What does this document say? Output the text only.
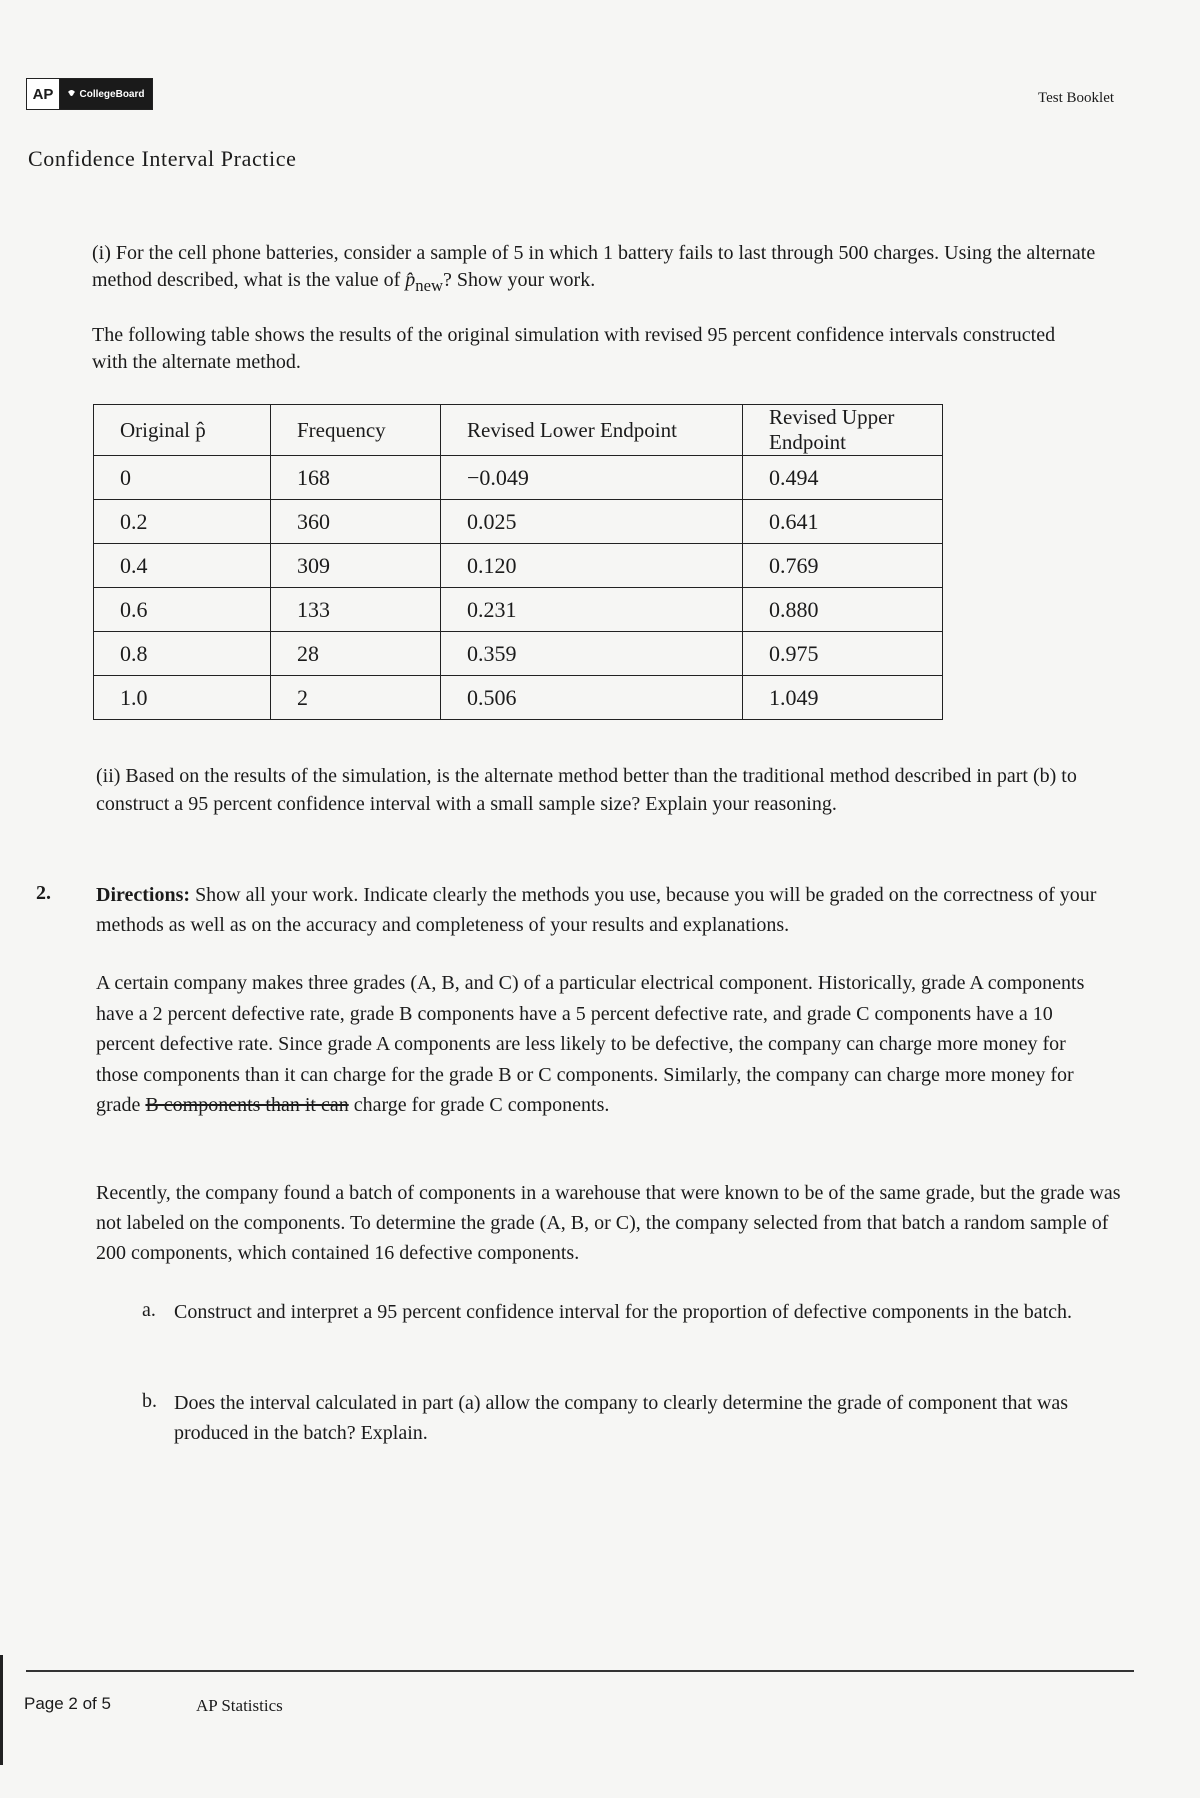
AP	CollegeBoard	Test Booklet
Confidence Interval Practice

(i) For the cell phone batteries, consider a sample of 5 in which 1 battery fails to last through 500 charges. Using the alternate method described, what is the value of $p̂_{new}$? Show your work.

The following table shows the results of the original simulation with revised 95 percent confidence intervals constructed with the alternate method.

Original p̂	Frequency	Revised Lower Endpoint	Revised Upper Endpoint
0	168	−0.049	0.494
0.2	360	0.025	0.641
0.4	309	0.120	0.769
0.6	133	0.231	0.880
0.8	28	0.359	0.975
1.0	2	0.506	1.049

(ii) Based on the results of the simulation, is the alternate method better than the traditional method described in part (b) to construct a 95 percent confidence interval with a small sample size? Explain your reasoning.

2. Directions: Show all your work. Indicate clearly the methods you use, because you will be graded on the correctness of your methods as well as on the accuracy and completeness of your results and explanations.

A certain company makes three grades (A, B, and C) of a particular electrical component. Historically, grade A components have a 2 percent defective rate, grade B components have a 5 percent defective rate, and grade C components have a 10 percent defective rate. Since grade A components are less likely to be defective, the company can charge more money for those components than it can charge for the grade B or C components. Similarly, the company can charge more money for grade B components than it can charge for grade C components.

Recently, the company found a batch of components in a warehouse that were known to be of the same grade, but the grade was not labeled on the components. To determine the grade (A, B, or C), the company selected from that batch a random sample of 200 components, which contained 16 defective components.

a. Construct and interpret a 95 percent confidence interval for the proportion of defective components in the batch.

b. Does the interval calculated in part (a) allow the company to clearly determine the grade of component that was produced in the batch? Explain.

Page 2 of 5	AP Statistics
